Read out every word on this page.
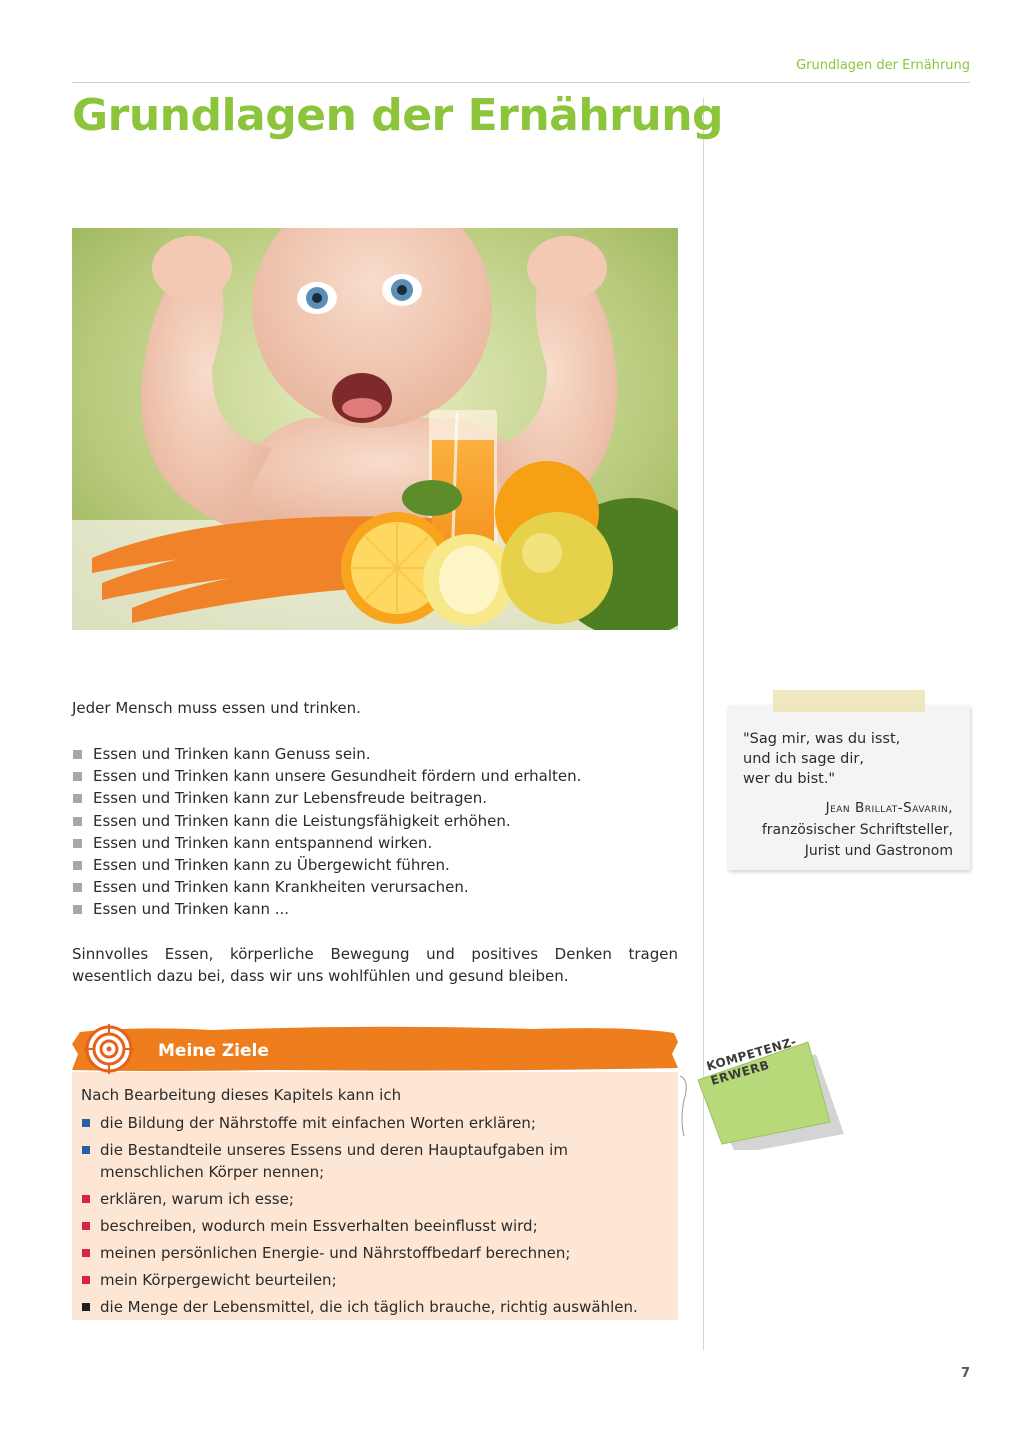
Grundlagen der Ernährung
Grundlagen der Ernährung
Jeder Mensch muss essen und trinken.
Essen und Trinken kann Genuss sein.
Essen und Trinken kann unsere Gesundheit fördern und erhalten.
Essen und Trinken kann zur Lebensfreude beitragen.
Essen und Trinken kann die Leistungsfähigkeit erhöhen.
Essen und Trinken kann entspannend wirken.
Essen und Trinken kann zu Übergewicht führen.
Essen und Trinken kann Krankheiten verursachen.
Essen und Trinken kann ...

Sinnvolles Essen, körperliche Bewegung und positives Denken tragen wesentlich dazu bei, dass wir uns wohlfühlen und gesund bleiben.

Meine Ziele
Nach Bearbeitung dieses Kapitels kann ich
die Bildung der Nährstoffe mit einfachen Worten erklären;
die Bestandteile unseres Essens und deren Hauptaufgaben im menschlichen Körper nennen;
erklären, warum ich esse;
beschreiben, wodurch mein Essverhalten beeinflusst wird;
meinen persönlichen Energie- und Nährstoffbedarf berechnen;
mein Körpergewicht beurteilen;
die Menge der Lebensmittel, die ich täglich brauche, richtig auswählen.

"Sag mir, was du isst,
und ich sage dir,
wer du bist."

Jean Brillat-Savarin,

französischer Schriftsteller,
Jurist und Gastronom

KOMPETENZ-
ERWERB
7
